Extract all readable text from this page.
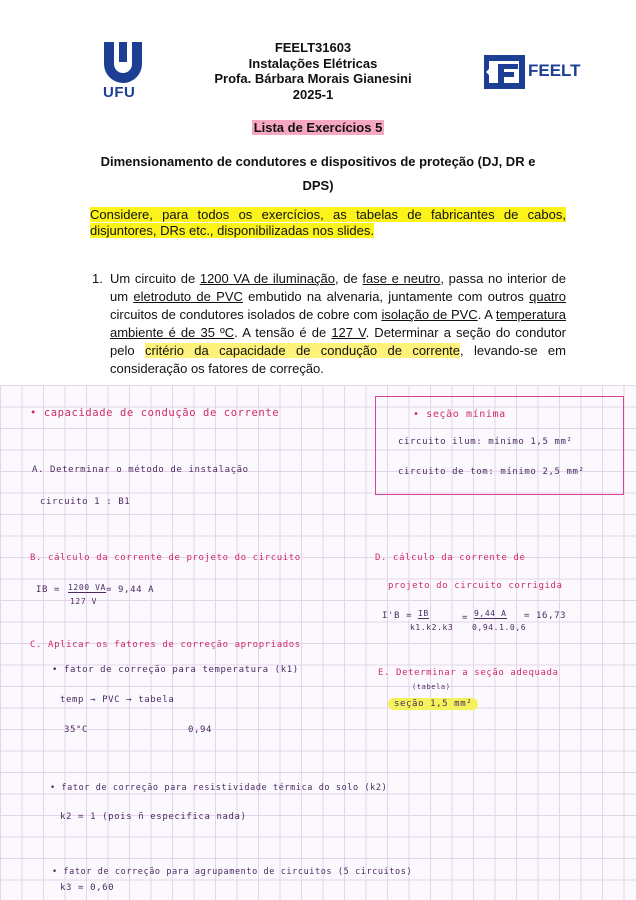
UFU
FEELT31603
Instalações Elétricas
Profa. Bárbara Morais Gianesini
2025-1
FEELT
Lista de Exercícios 5
Dimensionamento de condutores e dispositivos de proteção (DJ, DR e DPS)
Considere, para todos os exercícios, as tabelas de fabricantes de cabos, disjuntores, DRs etc., disponibilizadas nos slides.
1. Um circuito de 1200 VA de iluminação, de fase e neutro, passa no interior de um eletroduto de PVC embutido na alvenaria, juntamente com outros quatro circuitos de condutores isolados de cobre com isolação de PVC. A temperatura ambiente é de 35 ºC. A tensão é de 127 V. Determinar a seção do condutor pelo critério da capacidade de condução de corrente, levando-se em consideração os fatores de correção.
• capacidade de condução de corrente
A. Determinar o método de instalação
circuito 1 : B1
• seção mínima
circuito ilum: mínimo 1,5 mm²
circuito de tom: mínimo 2,5 mm²
B. cálculo da corrente de projeto do circuito
IB = 1200 VA
127 V
= 9,44 A
C. Aplicar os fatores de correção apropriados
• fator de correção para temperatura (k1)
temp → PVC → tabela
35°C	0,94
• fator de correção para resistividade térmica do solo (k2)
k2 = 1 (pois ñ especifica nada)
• fator de correção para agrupamento de circuitos (5 circuitos)
k3 = 0,60
D. cálculo da corrente de
projeto do circuito corrigida
I'B = IB
k1.k2.k3
= 9,44 A
0,94.1.0,6
= 16,73
E. Determinar a seção adequada
(tabela)
seção 1,5 mm²
